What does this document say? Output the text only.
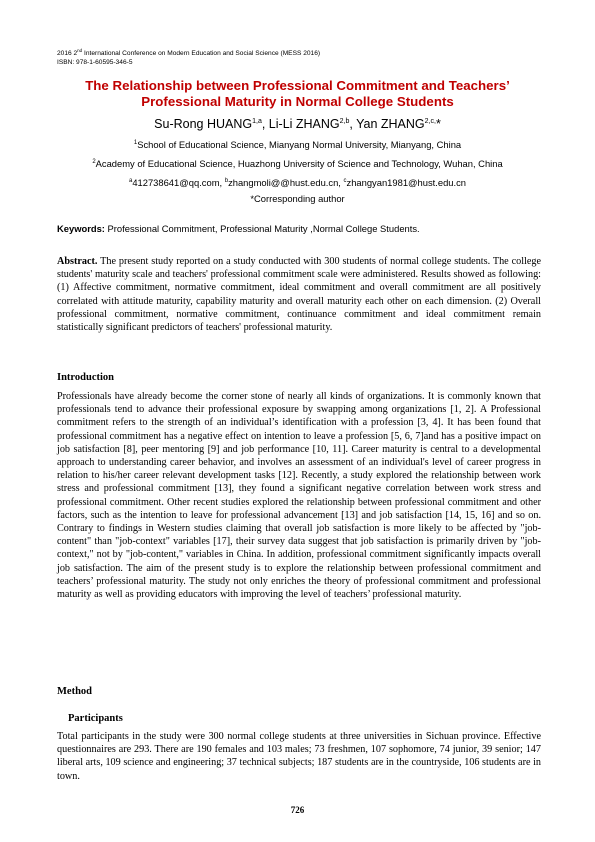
2016 2nd International Conference on Modern Education and Social Science (MESS 2016)
ISBN: 978-1-60595-346-5
The Relationship between Professional Commitment and Teachers’
Professional Maturity in Normal College Students
Su-Rong HUANG$^{1,a}$, Li-Li ZHANG$^{2,b}$, Yan $ZHANG^{2,c,}*$
$^1$School of Educational Science, Mianyang Normal University, Mianyang, China
$^2$Academy of Educational Science, Huazhong University of Science and Technology, Wuhan, China
$^a$412738641@qq.com, $^b$zhangmoli@@hust.edu.cn, $^c$zhangyan1981@hust.edu.cn
*Corresponding author
Keywords: Professional Commitment, Professional Maturity ,Normal College Students.
Abstract. The present study reported on a study conducted with 300 students of normal college students. The college students' maturity scale and teachers' professional commitment scale were administered. Results showed as following: (1) Affective commitment, normative commitment, ideal commitment and overall commitment are all positively correlated with attitude maturity, capability maturity and overall maturity each other on each dimension. (2) Overall professional commitment, normative commitment, continuance commitment and ideal commitment remain statistically significant predictors of teachers' professional maturity.
Introduction
Professionals have already become the corner stone of nearly all kinds of organizations. It is commonly known that professionals tend to advance their professional exposure by swapping among organizations [1, 2]. A Professional commitment refers to the strength of an individual’s identification with a profession [3, 4]. It has been found that professional commitment has a negative effect on intention to leave a profession [5, 6, 7]and has a positive impact on job satisfaction [8], peer mentoring [9] and job performance [10, 11]. Career maturity is central to a developmental approach to understanding career behavior, and involves an assessment of an individual's level of career progress in relation to his/her career relevant development tasks [12]. Recently, a study explored the relationship between work stress and professional commitment [13], they found a significant negative correlation between work stress and professional commitment. Other recent studies explored the relationship between professional commitment and other factors, such as the intention to leave for professional advancement [13] and job satisfaction [14, 15, 16] and so on. Contrary to findings in Western studies claiming that overall job satisfaction is more likely to be affected by "job-content" than "job-context" variables [17], their survey data suggest that job satisfaction is primarily driven by "job-context," not by "job-content," variables in China. In addition, professional commitment significantly impacts overall job satisfaction. The aim of the present study is to explore the relationship between professional commitment and teachers’ professional maturity. The study not only enriches the theory of professional commitment and professional maturity as well as providing educators with improving the level of teachers’ professional maturity.
Method
Participants
Total participants in the study were 300 normal college students at three universities in Sichuan province. Effective questionnaires are 293. There are 190 females and 103 males; 73 freshmen, 107 sophomore, 74 junior, 39 senior; 147 liberal arts, 109 science and engineering; 37 technical subjects; 187 students are in the countryside, 106 students are in town.
726
